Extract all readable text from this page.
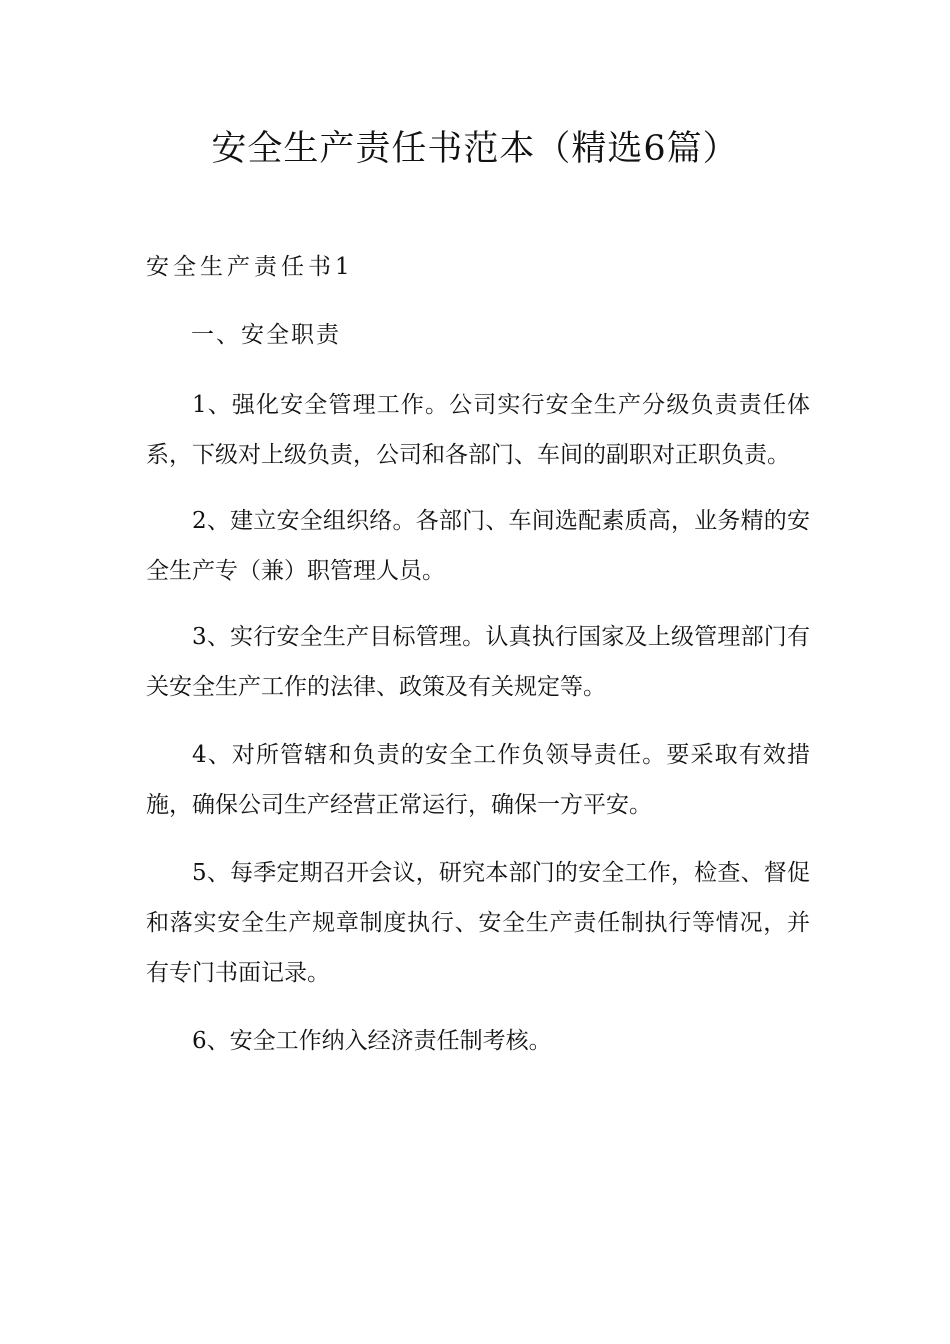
安全生产责任书范本（精选6篇）
安全生产责任书1
一、安全职责

1、强化安全管理工作。公司实行安全生产分级负责责任体系，下级对上级负责，公司和各部门、车间的副职对正职负责。

2、建立安全组织络。各部门、车间选配素质高，业务精的安全生产专（兼）职管理人员。

3、实行安全生产目标管理。认真执行国家及上级管理部门有关安全生产工作的法律、政策及有关规定等。

4、对所管辖和负责的安全工作负领导责任。要采取有效措施，确保公司生产经营正常运行，确保一方平安。

5、每季定期召开会议，研究本部门的安全工作，检查、督促和落实安全生产规章制度执行、安全生产责任制执行等情况，并有专门书面记录。

6、安全工作纳入经济责任制考核。
